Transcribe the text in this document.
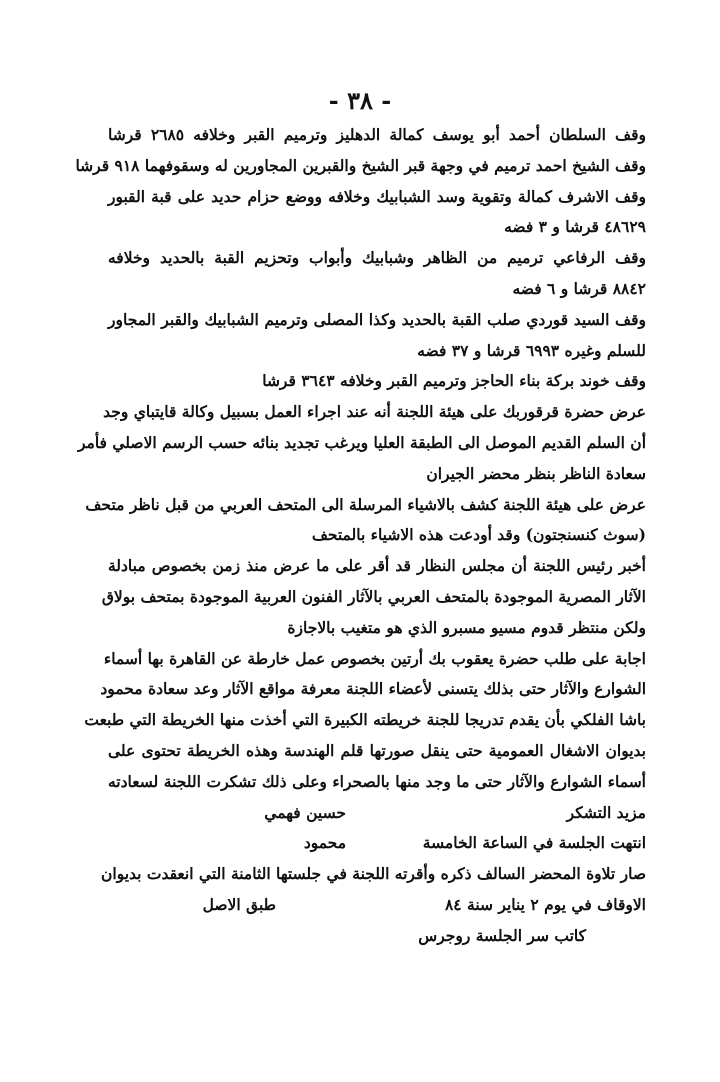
- ٣٨ -
وقف السلطان أحمد أبو يوسف كمالة الدهليز وترميم القبر وخلافه ٢٦٨٥ قرشا
وقف الشيخ احمد ترميم في وجهة قبر الشيخ والقبرين المجاورين له وسقوفهما ٩١٨ قرشا
وقف الاشرف كمالة وتقوية وسد الشبابيك وخلافه ووضع حزام حديد على قبة القبور
٤٨٦٢٩ قرشا و ٣ فضه
وقف الرفاعي ترميم من الظاهر وشبابيك وأبواب وتحزيم القبة بالحديد وخلافه
٨٨٤٢ قرشا و ٦ فضه
وقف السيد قوردي صلب القبة بالحديد وكذا المصلى وترميم الشبابيك والقبر المجاور
للسلم وغيره ٦٩٩٣ قرشا و ٣٧ فضه
وقف خوند بركة بناء الحاجز وترميم القبر وخلافه ٣٦٤٣ قرشا
عرض حضرة قرقوربك على هيئة اللجنة أنه عند اجراء العمل بسبيل وكالة قايتباي وجد
أن السلم القديم الموصل الى الطبقة العليا ويرغب تجديد بنائه حسب الرسم الاصلي فأمر
سعادة الناظر بنظر محضر الجيران
عرض على هيئة اللجنة كشف بالاشياء المرسلة الى المتحف العربي من قبل ناظر متحف
(سوث كنسنجتون) وقد أودعت هذه الاشياء بالمتحف
أخبر رئيس اللجنة أن مجلس النظار قد أقر على ما عرض منذ زمن بخصوص مبادلة
الآثار المصرية الموجودة بالمتحف العربي بالآثار الفنون العربية الموجودة بمتحف بولاق
ولكن منتظر قدوم مسيو مسبرو الذي هو متغيب بالاجازة
اجابة على طلب حضرة يعقوب بك أرتين بخصوص عمل خارطة عن القاهرة بها أسماء
الشوارع والآثار حتى بذلك يتسنى لأعضاء اللجنة معرفة مواقع الآثار وعد سعادة محمود
باشا الفلكي بأن يقدم تدريجا للجنة خريطته الكبيرة التي أخذت منها الخريطة التي طبعت
بديوان الاشغال العمومية حتى ينقل صورتها قلم الهندسة وهذه الخريطة تحتوى على
أسماء الشوارع والآثار حتى ما وجد منها بالصحراء وعلى ذلك تشكرت اللجنة لسعادته
مزيد التشكر
حسين فهمي
انتهت الجلسة في الساعة الخامسة
محمود
صار تلاوة المحضر السالف ذكره وأقرته اللجنة في جلستها الثامنة التي انعقدت بديوان
الاوقاف في يوم ٢ يناير سنة ٨٤
طبق الاصل
كاتب سر الجلسة روجرس
